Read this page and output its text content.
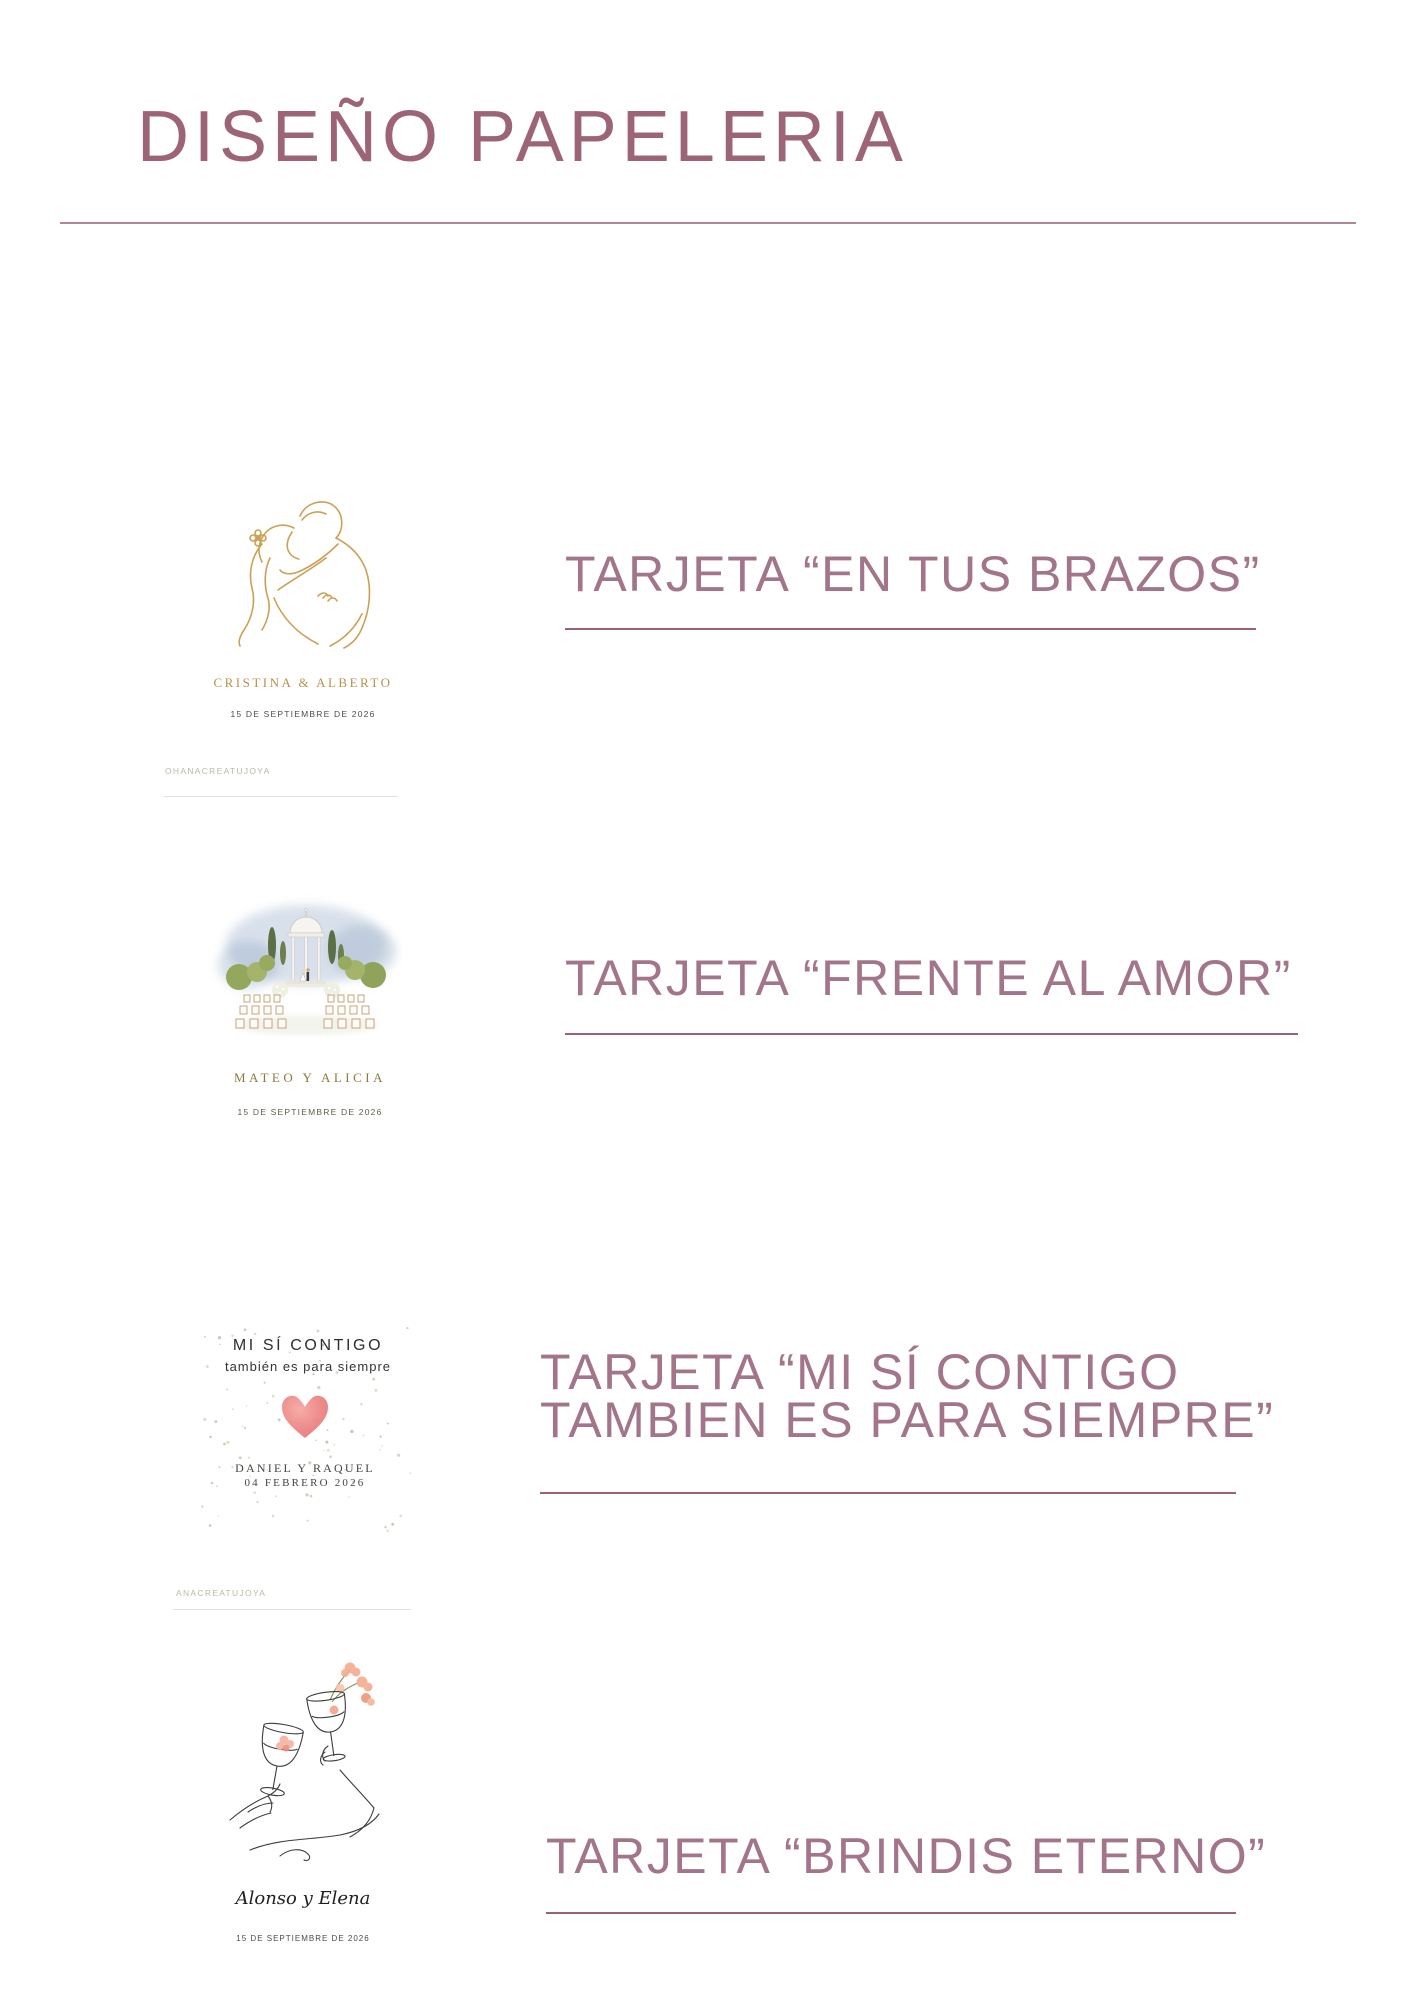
DISEÑO PAPELERIA
CRISTINA & ALBERTO
15 DE SEPTIEMBRE DE 2026
OHANACREATUJOYA
TARJETA “EN TUS BRAZOS”
MATEO Y ALICIA
15 DE SEPTIEMBRE DE 2026
TARJETA “FRENTE AL AMOR”
MI SÍ CONTIGO
también es para siempre
DANIEL Y RAQUEL
04 FEBRERO 2026
ANACREATUJOYA
TARJETA “MI SÍ CONTIGO
TAMBIEN ES PARA SIEMPRE”
Alonso y Elena
15 DE SEPTIEMBRE DE 2026
TARJETA “BRINDIS ETERNO”
